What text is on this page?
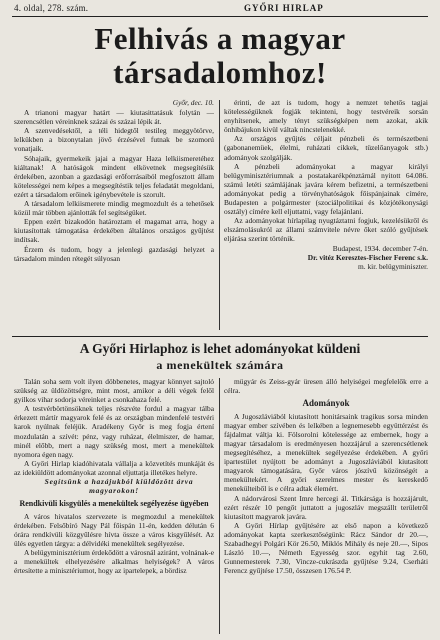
4. oldal, 278. szám.	GYŐRI HIRLAP
Felhivás a magyar
társadalomhoz!

Győr, dec. 10.

A trianoni magyar határt — kiutasittatásuk folytán — szerencsétlen véreinknek százai és százai lépik át.

A szenvedésektől, a téli hidegtől testileg meggyötörve, lelkükben a bizonytalan jövő érzésével futnak be szomorú vonatjaik.

Sóhajaik, gyermekeik jajai a magyar Haza lelkiismeretéhez kiáltanak! A hatóságok mindent elkövetnek megsegítésük érdekében, azonban a gazdasági erőforrásaiból megfosztott állam kötelességei nem képes a megsegítéstik teljes feladatát megoldani, ezért a társadalom erőinek igénybevétele is szorult.

A társadalom lelkiismerete mindig megmozdult és a tehetősek közül már többen ajánlották fel segítségüket.

Eppen ezért bizakodón határoztam el magamat arra, hogy a kiutasítottak támogatása érdekében általános országos gyűjtést indítsak.

Érzem és tudom, hogy a jelenlegi gazdasági helyzet a társadalom minden rétegét súlyosan

érinti, de azt is tudom, hogy a nemzet tehetős tagjai kötelességüknek fogják tekinteni, hogy testvéreik sorsán enyhítsenek, amely tényt szükségképen nem azokat, akik önhibájukon kivül váltak nincstelenekké.

Az országos gyűjtés céljait pénzbeli és természetbeni (gabonanemüek, élelmi, ruházati cikkek, tüzelőanyagok stb.) adományok szolgálják.

A pénzbeli adományokat a magyar királyi belügyminisztériumnak a postatakarékpénztárnál nyitott 64.086. számú letéti számlájának javára kérem befizetni, a természetbeni adományokat pedig a törvényhatóságok főispánjainak címére, Budapesten a polgármester (szociálpolitikai és közjótékonysági osztály) címére kell eljuttatni, vagy felajánlani.

Az adományokat hírlapilag nyugtáztatni fogjuk, kezelésükről és elszámolásukról az állami számvitele névre őket szóló gyűjtések eljárása szerint történik.

Budapest, 1934. december 7-én.

Dr. vitéz Keresztes-Fischer Ferenc s.k.

m. kir. belügyminiszter.

A Győri Hirlaphoz is lehet adományokat küldeni
a menekültek számára

Talán soha sem volt ilyen döbbenetes, magyar könnyet sajtoló szükség az üldözöttségre, mint most, amikor a déli végek felől gyilkos vihar sodorja véreinket a csonkahaza felé.

A testvérbörtönsöknek teljes részvéte fordul a magyar tálba érkezett mártír magyarok felé és az országban mindenfelé testvéri karok nyúlnak feléjük. Aradékeny Győr is meg fogja értení mozdulatán a szívét: pénz, vagy ruházat, élelmiszer, de hamar, minél előbb, mert a nagy szükség most, mert a menekültek nyomora égen nagy.

A Győri Hirlap kiadóhivatala vállalja a közvetítés munkáját és az idekiüldött adományokat azonnal eljuttatja illetékes helyre.

Segítsünk a hazájukból kiüldözött árva magyarokon!

Rendkivüli kisgyülés a menekültek segélyezése ügyében

A város hivatalos szervezete is megmozdul a menekültek érdekében. Felsőbíró Nagy Pál főispán 11-én, kedden délután 6 órára rendkívüli közgyűlésre hívta össze a város kisgyűlését. Az ülés egyetlen tárgya: a délvidéki menekültek segélyezése.

A belügyminisztérium érdekődött a városnál aziránt, volnának-e a menekültek elhelyezésére alkalmas helyiségek? A város értesítette a minisztériumot, hogy az ipartelepek, a bördisz

mügyár és Zeiss-gyár üresen álló helyiségei megfelelők erre a célra.

Adományok

A Jugoszláviából kiutasított honitársaink tragikus sorsa minden magyar ember szívében és lelkében a legnemesebb együttérzést és fájdalmat váltja ki. Fölsorolni kötelessége az embernek, hogy a magyar társadalom is eredményesen hozzájárul a szerencsétlenek megsegítéséhez, a menekültek segélyezése érdekében. A győri ipartestület nyújtott be adományt a Jugoszláviából kiutasított magyarok támogatására, Győr város jószívű közönségét a menekültekért. A győri szerelmes mester és kereskedő menekülteiből is e célra adtak élemért.

A nádorvárosi Szent Imre hercegi ál. Titkársága is hozzájárult, ezért részér 10 pengőt juttatott a jugoszláv megszállt területről kiutasított magyarok javára.

A Győri Hírlap gyűjtésére az első napon a következő adományokat kapta szerkesztőségünk: Rácz Sándor dr 20.—, Szabadhegyi Polgári Kör 26.50, Miklós Mihály és neje 20.—, Sipos László 10.—, Németh Egyesség szor. egyhit tag 2.60, Gunnemesterek 7.30, Vincze-cukrászda gyűjtése 9.24, Cserháti Ferencz gyűjtése 17.50, összesen 176.54 P.
